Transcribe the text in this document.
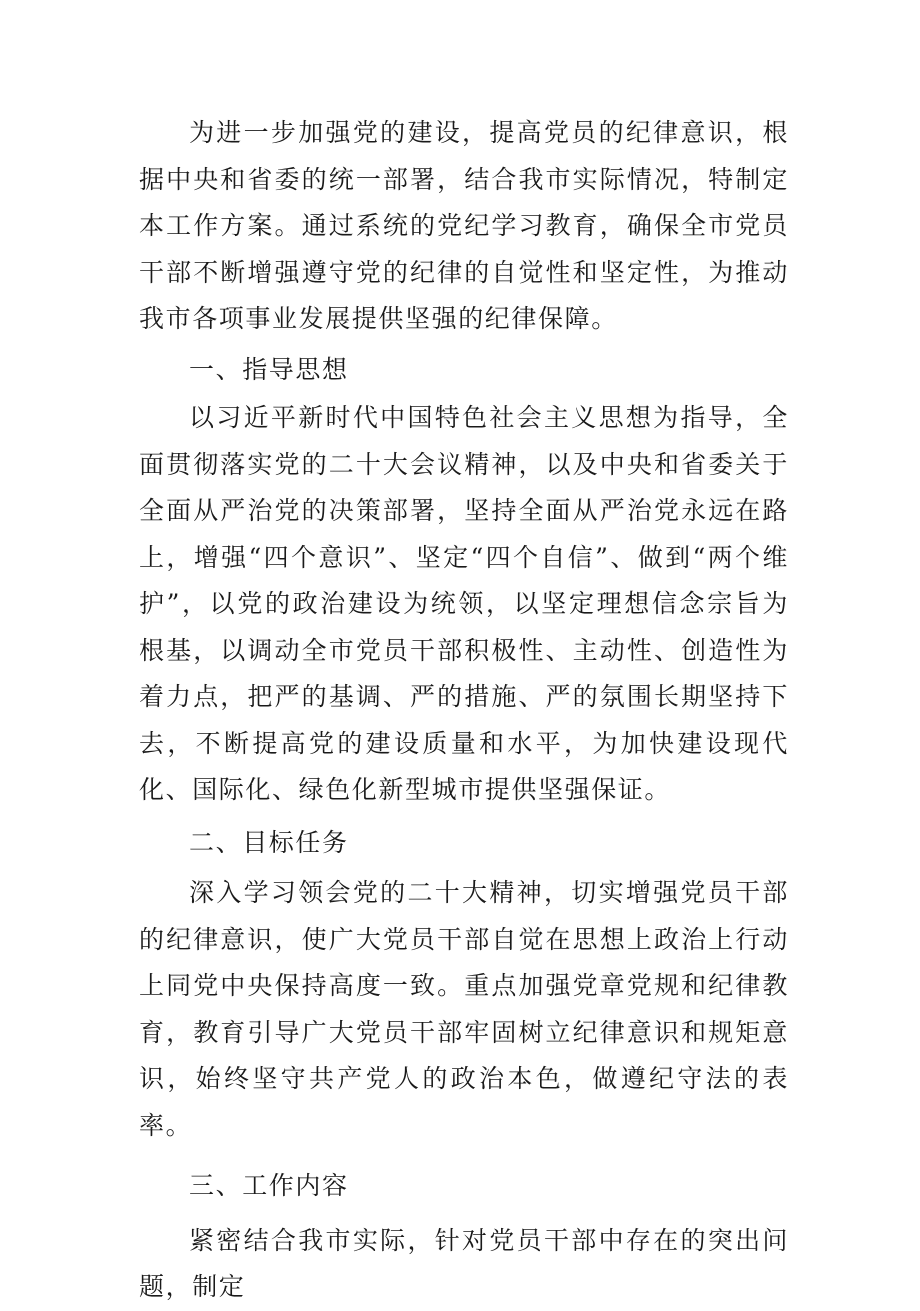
为进一步加强党的建设，提高党员的纪律意识，根据中央和省委的统一部署，结合我市实际情况，特制定本工作方案。通过系统的党纪学习教育，确保全市党员干部不断增强遵守党的纪律的自觉性和坚定性，为推动我市各项事业发展提供坚强的纪律保障。

一、指导思想

以习近平新时代中国特色社会主义思想为指导，全面贯彻落实党的二十大会议精神，以及中央和省委关于全面从严治党的决策部署，坚持全面从严治党永远在路上，增强“四个意识”、坚定“四个自信”、做到“两个维护”，以党的政治建设为统领，以坚定理想信念宗旨为根基，以调动全市党员干部积极性、主动性、创造性为着力点，把严的基调、严的措施、严的氛围长期坚持下去，不断提高党的建设质量和水平，为加快建设现代化、国际化、绿色化新型城市提供坚强保证。

二、目标任务

深入学习领会党的二十大精神，切实增强党员干部的纪律意识，使广大党员干部自觉在思想上政治上行动上同党中央保持高度一致。重点加强党章党规和纪律教育，教育引导广大党员干部牢固树立纪律意识和规矩意识，始终坚守共产党人的政治本色，做遵纪守法的表率。

三、工作内容

紧密结合我市实际，针对党员干部中存在的突出问题，制定
